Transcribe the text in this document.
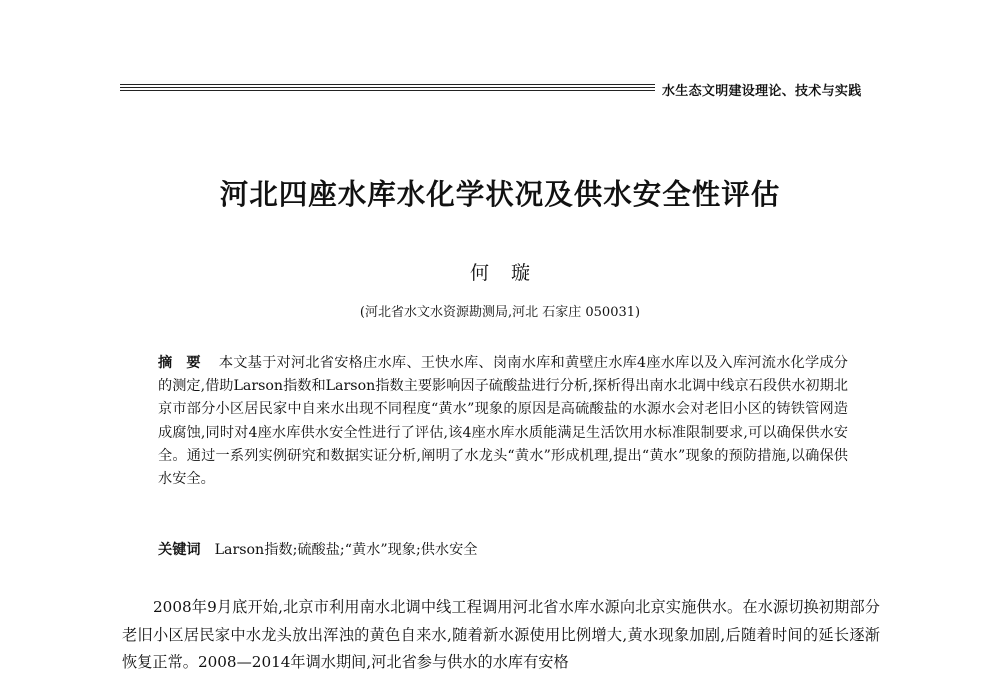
水生态文明建设理论、技术与实践
河北四座水库水化学状况及供水安全性评估
何璇
(河北省水文水资源勘测局,河北 石家庄 050031)
摘要 本文基于对河北省安格庄水库、王快水库、岗南水库和黄壁庄水库4座水库以及入库河流水化学成分的测定,借助Larson指数和Larson指数主要影响因子硫酸盐进行分析,探析得出南水北调中线京石段供水初期北京市部分小区居民家中自来水出现不同程度“黄水”现象的原因是高硫酸盐的水源水会对老旧小区的铸铁管网造成腐蚀,同时对4座水库供水安全性进行了评估,该4座水库水质能满足生活饮用水标准限制要求,可以确保供水安全。通过一系列实例研究和数据实证分析,阐明了水龙头“黄水”形成机理,提出“黄水”现象的预防措施,以确保供水安全。
关键词 Larson指数;硫酸盐;“黄水”现象;供水安全
2008年9月底开始,北京市利用南水北调中线工程调用河北省水库水源向北京实施供水。在水源切换初期部分老旧小区居民家中水龙头放出浑浊的黄色自来水,随着新水源使用比例增大,黄水现象加剧,后随着时间的延长逐渐恢复正常。2008—2014年调水期间,河北省参与供水的水库有安格
